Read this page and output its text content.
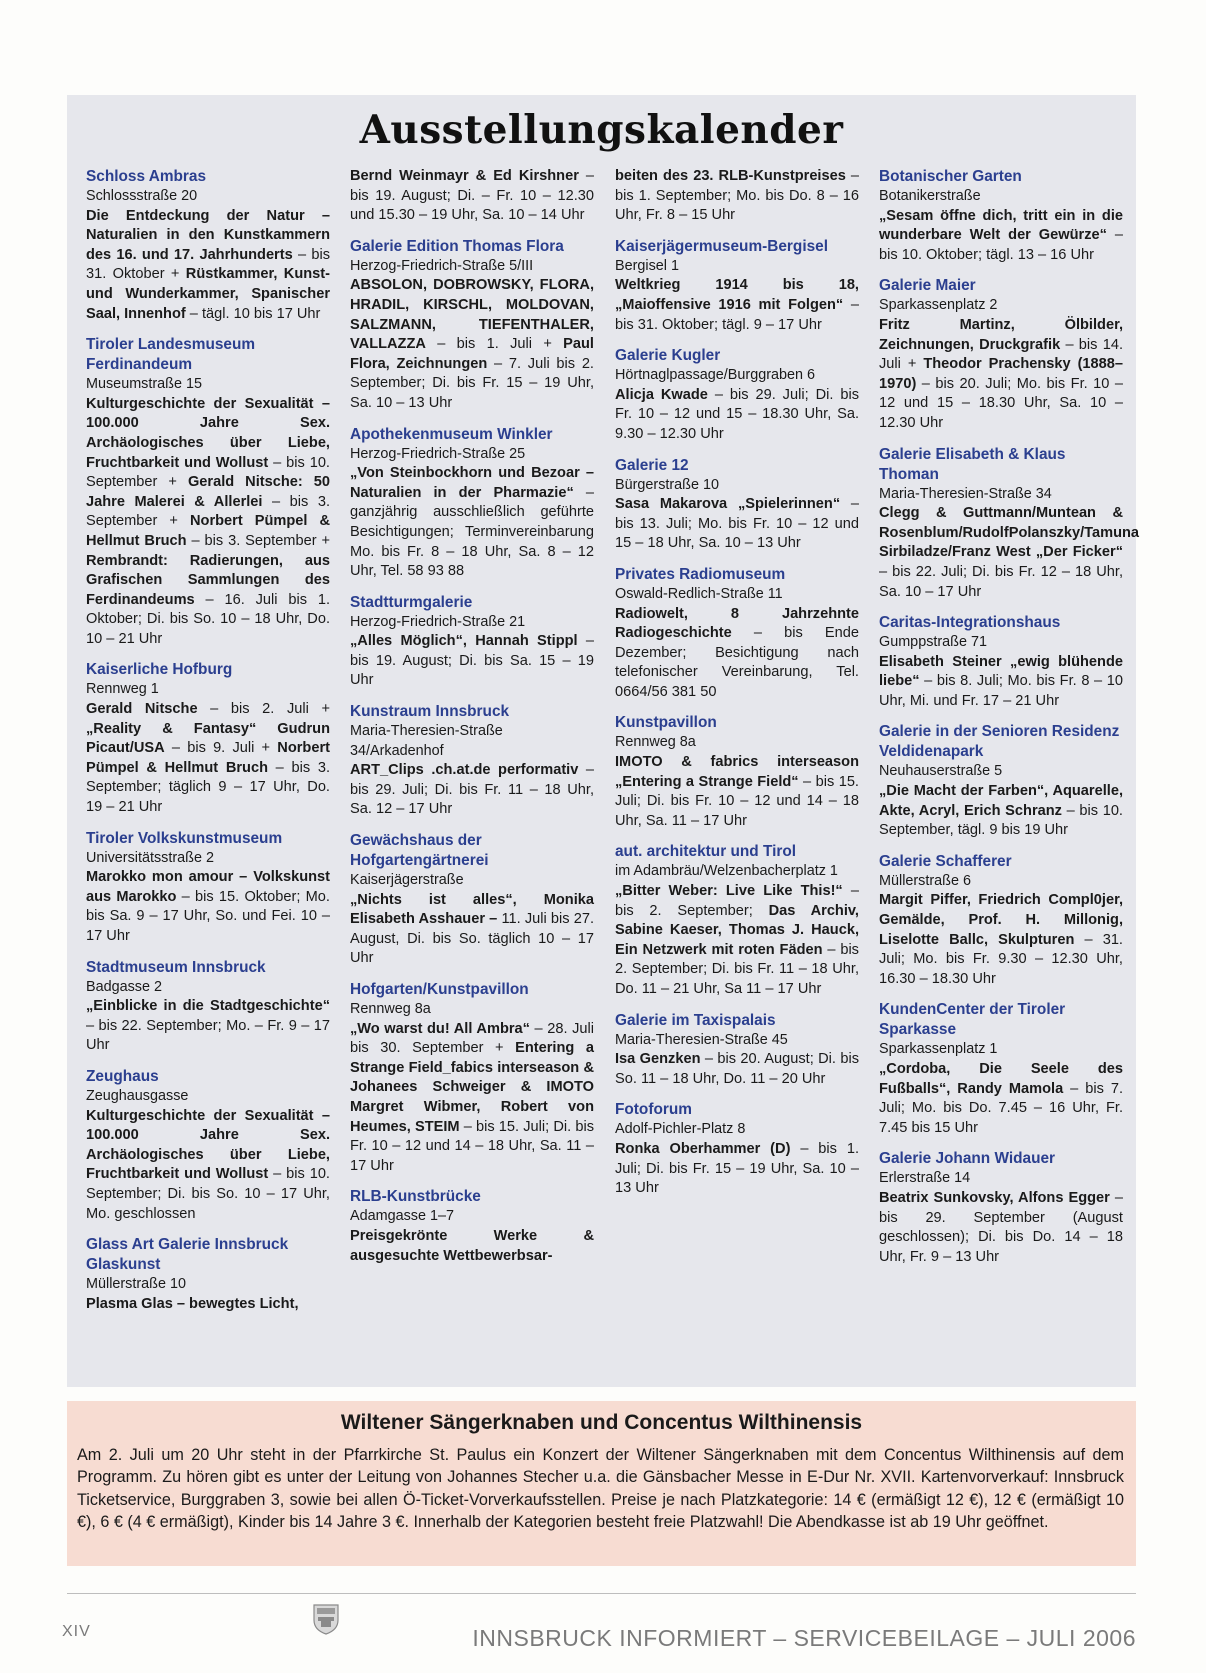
Ausstellungskalender
Schloss Ambras
Schlossstraße 20
Die Entdeckung der Natur – Naturalien in den Kunstkammern des 16. und 17. Jahrhunderts – bis 31. Oktober + Rüstkammer, Kunst- und Wunderkammer, Spanischer Saal, Innenhof – tägl. 10 bis 17 Uhr
Tiroler Landesmuseum Ferdinandeum
Museumstraße 15
Kulturgeschichte der Sexualität – 100.000 Jahre Sex. Archäologisches über Liebe, Fruchtbarkeit und Wollust – bis 10. September + Gerald Nitsche: 50 Jahre Malerei & Allerlei – bis 3. September + Norbert Pümpel & Hellmut Bruch – bis 3. September + Rembrandt: Radierungen, aus Grafischen Sammlungen des Ferdinandeums – 16. Juli bis 1. Oktober; Di. bis So. 10 – 18 Uhr, Do. 10 – 21 Uhr
Kaiserliche Hofburg
Rennweg 1
Gerald Nitsche – bis 2. Juli + „Reality & Fantasy“ Gudrun Picaut/USA – bis 9. Juli + Norbert Pümpel & Hellmut Bruch – bis 3. September; täglich 9 – 17 Uhr, Do. 19 – 21 Uhr
Tiroler Volkskunstmuseum
Universitätsstraße 2
Marokko mon amour – Volkskunst aus Marokko – bis 15. Oktober; Mo. bis Sa. 9 – 17 Uhr, So. und Fei. 10 – 17 Uhr
Stadtmuseum Innsbruck
Badgasse 2
„Einblicke in die Stadtgeschichte“ – bis 22. September; Mo. – Fr. 9 – 17 Uhr
Zeughaus
Zeughausgasse
Kulturgeschichte der Sexualität – 100.000 Jahre Sex. Archäologisches über Liebe, Fruchtbarkeit und Wollust – bis 10. September; Di. bis So. 10 – 17 Uhr, Mo. geschlossen
Glass Art Galerie Innsbruck Glaskunst
Müllerstraße 10
Plasma Glas – bewegtes Licht,
Bernd Weinmayr & Ed Kirshner – bis 19. August; Di. – Fr. 10 – 12.30 und 15.30 – 19 Uhr, Sa. 10 – 14 Uhr
Galerie Edition Thomas Flora
Herzog-Friedrich-Straße 5/III
ABSOLON, DOBROWSKY, FLORA, HRADIL, KIRSCHL, MOLDOVAN, SALZMANN, TIEFENTHALER, VALLAZZA – bis 1. Juli + Paul Flora, Zeichnungen – 7. Juli bis 2. September; Di. bis Fr. 15 – 19 Uhr, Sa. 10 – 13 Uhr
Apothekenmuseum Winkler
Herzog-Friedrich-Straße 25
„Von Steinbockhorn und Bezoar – Naturalien in der Pharmazie“ – ganzjährig ausschließlich geführte Besichtigungen; Terminvereinbarung Mo. bis Fr. 8 – 18 Uhr, Sa. 8 – 12 Uhr, Tel. 58 93 88
Stadtturmgalerie
Herzog-Friedrich-Straße 21
„Alles Möglich“, Hannah Stippl – bis 19. August; Di. bis Sa. 15 – 19 Uhr
Kunstraum Innsbruck
Maria-Theresien-Straße 34/Arkadenhof
ART_Clips .ch.at.de performativ – bis 29. Juli; Di. bis Fr. 11 – 18 Uhr, Sa. 12 – 17 Uhr
Gewächshaus der Hofgartengärtnerei
Kaiserjägerstraße
„Nichts ist alles“, Monika Elisabeth Asshauer – 11. Juli bis 27. August, Di. bis So. täglich 10 – 17 Uhr
Hofgarten/Kunstpavillon
Rennweg 8a
„Wo warst du! All Ambra“ – 28. Juli bis 30. September + Entering a Strange Field_fabics interseason & Johanees Schweiger & IMOTO Margret Wibmer, Robert von Heumes, STEIM – bis 15. Juli; Di. bis Fr. 10 – 12 und 14 – 18 Uhr, Sa. 11 – 17 Uhr
RLB-Kunstbrücke
Adamgasse 1–7
Preisgekrönte Werke & ausgesuchte Wettbewerbsar-
beiten des 23. RLB-Kunstpreises – bis 1. September; Mo. bis Do. 8 – 16 Uhr, Fr. 8 – 15 Uhr
Kaiserjägermuseum-Bergisel
Bergisel 1
Weltkrieg 1914 bis 18, „Maioffensive 1916 mit Folgen“ – bis 31. Oktober; tägl. 9 – 17 Uhr
Galerie Kugler
Hörtnaglpassage/Burggraben 6
Alicja Kwade – bis 29. Juli; Di. bis Fr. 10 – 12 und 15 – 18.30 Uhr, Sa. 9.30 – 12.30 Uhr
Galerie 12
Bürgerstraße 10
Sasa Makarova „Spielerinnen“ – bis 13. Juli; Mo. bis Fr. 10 – 12 und 15 – 18 Uhr, Sa. 10 – 13 Uhr
Privates Radiomuseum
Oswald-Redlich-Straße 11
Radiowelt, 8 Jahrzehnte Radiogeschichte – bis Ende Dezember; Besichtigung nach telefonischer Vereinbarung, Tel. 0664/56 381 50
Kunstpavillon
Rennweg 8a
IMOTO & fabrics interseason „Entering a Strange Field“ – bis 15. Juli; Di. bis Fr. 10 – 12 und 14 – 18 Uhr, Sa. 11 – 17 Uhr
aut. architektur und Tirol
im Adambräu/Welzenbacherplatz 1
„Bitter Weber: Live Like This!“ – bis 2. September; Das Archiv, Sabine Kaeser, Thomas J. Hauck, Ein Netzwerk mit roten Fäden – bis 2. September; Di. bis Fr. 11 – 18 Uhr, Do. 11 – 21 Uhr, Sa 11 – 17 Uhr
Galerie im Taxispalais
Maria-Theresien-Straße 45
Isa Genzken – bis 20. August; Di. bis So. 11 – 18 Uhr, Do. 11 – 20 Uhr
Fotoforum
Adolf-Pichler-Platz 8
Ronka Oberhammer (D) – bis 1. Juli; Di. bis Fr. 15 – 19 Uhr, Sa. 10 – 13 Uhr
Botanischer Garten
Botanikerstraße
„Sesam öffne dich, tritt ein in die wunderbare Welt der Gewürze“ – bis 10. Oktober; tägl. 13 – 16 Uhr
Galerie Maier
Sparkassenplatz 2
Fritz Martinz, Ölbilder, Zeichnungen, Druckgrafik – bis 14. Juli + Theodor Prachensky (1888–1970) – bis 20. Juli; Mo. bis Fr. 10 – 12 und 15 – 18.30 Uhr, Sa. 10 – 12.30 Uhr
Galerie Elisabeth & Klaus Thoman
Maria-Theresien-Straße 34
Clegg & Guttmann/Muntean & Rosenblum/RudolfPolanszky/Tamuna Sirbiladze/Franz West „Der Ficker“ – bis 22. Juli; Di. bis Fr. 12 – 18 Uhr, Sa. 10 – 17 Uhr
Caritas-Integrationshaus
Gumppstraße 71
Elisabeth Steiner „ewig blühende liebe“ – bis 8. Juli; Mo. bis Fr. 8 – 10 Uhr, Mi. und Fr. 17 – 21 Uhr
Galerie in der Senioren Residenz Veldidenapark
Neuhauserstraße 5
„Die Macht der Farben“, Aquarelle, Akte, Acryl, Erich Schranz – bis 10. September, tägl. 9 bis 19 Uhr
Galerie Schafferer
Müllerstraße 6
Margit Piffer, Friedrich Compl0jer, Gemälde, Prof. H. Millonig, Liselotte Ballc, Skulpturen – 31. Juli; Mo. bis Fr. 9.30 – 12.30 Uhr, 16.30 – 18.30 Uhr
KundenCenter der Tiroler Sparkasse
Sparkassenplatz 1
„Cordoba, Die Seele des Fußballs“, Randy Mamola – bis 7. Juli; Mo. bis Do. 7.45 – 16 Uhr, Fr. 7.45 bis 15 Uhr
Galerie Johann Widauer
Erlerstraße 14
Beatrix Sunkovsky, Alfons Egger – bis 29. September (August geschlossen); Di. bis Do. 14 – 18 Uhr, Fr. 9 – 13 Uhr
Wiltener Sängerknaben und Concentus Wilthinensis

Am 2. Juli um 20 Uhr steht in der Pfarrkirche St. Paulus ein Konzert der Wiltener Sängerknaben mit dem Concentus Wilthinensis auf dem Programm. Zu hören gibt es unter der Leitung von Johannes Stecher u.a. die Gänsbacher Messe in E-Dur Nr. XVII. Kartenvorverkauf: Innsbruck Ticketservice, Burggraben 3, sowie bei allen Ö-Ticket-Vorverkaufsstellen. Preise je nach Platzkategorie: 14 € (ermäßigt 12 €), 12 € (ermäßigt 10 €), 6 € (4 € ermäßigt), Kinder bis 14 Jahre 3 €. Innerhalb der Kategorien besteht freie Platzwahl! Die Abendkasse ist ab 19 Uhr geöffnet.

XIV	INNSBRUCK INFORMIERT – SERVICEBEILAGE – JULI 2006
